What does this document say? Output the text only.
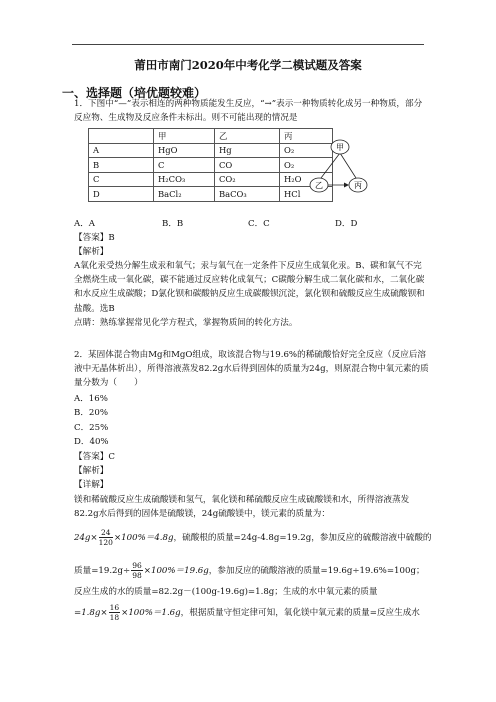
莆田市南门2020年中考化学二模试题及答案
一、选择题（培优题较难）
1．下图中“—”表示相连的两种物质能发生反应，“→”表示一种物质转化成另一种物质，部分反应物、生成物及反应条件未标出。则不可能出现的情况是
	甲	乙	丙
A	HgO	Hg	O₂
B	C	CO	O₂
C	H₂CO₃	CO₂	H₂O
D	BaCl₂	BaCO₃	HCl
甲
乙	丙
A．A	B．B	C．C	D．D
【答案】B
【解析】
A氧化汞受热分解生成汞和氧气；汞与氧气在一定条件下反应生成氧化汞。B、碳和氧气不完全燃烧生成一氧化碳，碳不能通过反应转化成氧气；C碳酸分解生成二氧化碳和水，二氧化碳和水反应生成碳酸；D氯化钡和碳酸钠反应生成碳酸钡沉淀，氯化钡和硫酸反应生成硫酸钡和盐酸。选B
点睛：熟练掌握常见化学方程式，掌握物质间的转化方法。
2．某固体混合物由Mg和MgO组成，取该混合物与19.6%的稀硫酸恰好完全反应（反应后溶液中无晶体析出），所得溶液蒸发82.2g水后得到固体的质量为24g，则原混合物中氧元素的质量分数为（　　）
A．16%
B．20%
C．25%
D．40%
【答案】C
【解析】
【详解】
镁和稀硫酸反应生成硫酸镁和氢气，氧化镁和稀硫酸反应生成硫酸镁和水，所得溶液蒸发82.2g水后得到的固体是硫酸镁，24g硫酸镁中，镁元素的质量为：
$24g\times \frac{24}{120} \times 100\%=4.8g$，硫酸根的质量=24g-4.8g=19.2g，参加反应的硫酸溶液中硫酸的
质量$=19.2g\div \frac{96}{98} \times 100\%=19.6g$，参加反应的硫酸溶液的质量=19.6g÷19.6%=100g；
反应生成的水的质量=82.2g－(100g-19.6g)=1.8g；生成的水中氧元素的质量
$=1.8g\times \frac{16}{18} \times 100\%=1.6g$，根据质量守恒定律可知，氧化镁中氧元素的质量=反应生成水
